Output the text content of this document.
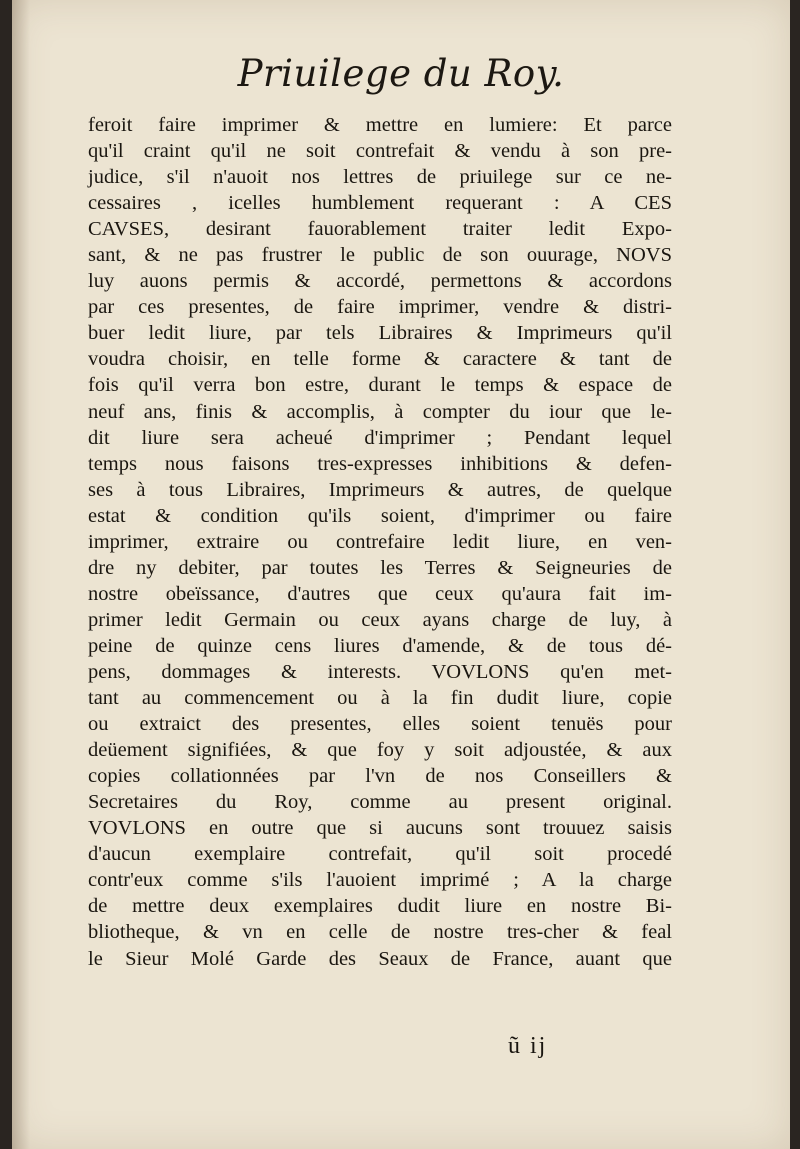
Priuilege du Roy.
feroit faire imprimer & mettre en lumiere: Et parce
qu'il craint qu'il ne soit contrefait & vendu à son pre-
judice, s'il n'auoit nos lettres de priuilege sur ce ne-
cessaires , icelles humblement requerant : A CES
CAVSES, desirant fauorablement traiter ledit Expo-
sant, & ne pas frustrer le public de son ouurage, NOVS
luy auons permis & accordé, permettons & accordons
par ces presentes, de faire imprimer, vendre & distri-
buer ledit liure, par tels Libraires & Imprimeurs qu'il
voudra choisir, en telle forme & caractere & tant de
fois qu'il verra bon estre, durant le temps & espace de
neuf ans, finis & accomplis, à compter du iour que le-
dit liure sera acheué d'imprimer ; Pendant lequel
temps nous faisons tres-expresses inhibitions & defen-
ses à tous Libraires, Imprimeurs & autres, de quelque
estat & condition qu'ils soient, d'imprimer ou faire
imprimer, extraire ou contrefaire ledit liure, en ven-
dre ny debiter, par toutes les Terres & Seigneuries de
nostre obeïssance, d'autres que ceux qu'aura fait im-
primer ledit Germain ou ceux ayans charge de luy, à
peine de quinze cens liures d'amende, & de tous dé-
pens, dommages & interests. VOVLONS qu'en met-
tant au commencement ou à la fin dudit liure, copie
ou extraict des presentes, elles soient tenuës pour
deüement signifiées, & que foy y soit adjoustée, & aux
copies collationnées par l'vn de nos Conseillers &
Secretaires du Roy, comme au present original.
VOVLONS en outre que si aucuns sont trouuez saisis
d'aucun exemplaire contrefait, qu'il soit procedé
contr'eux comme s'ils l'auoient imprimé ; A la charge
de mettre deux exemplaires dudit liure en nostre Bi-
bliotheque, & vn en celle de nostre tres-cher & feal
le Sieur Molé Garde des Seaux de France, auant que
ũ ij
